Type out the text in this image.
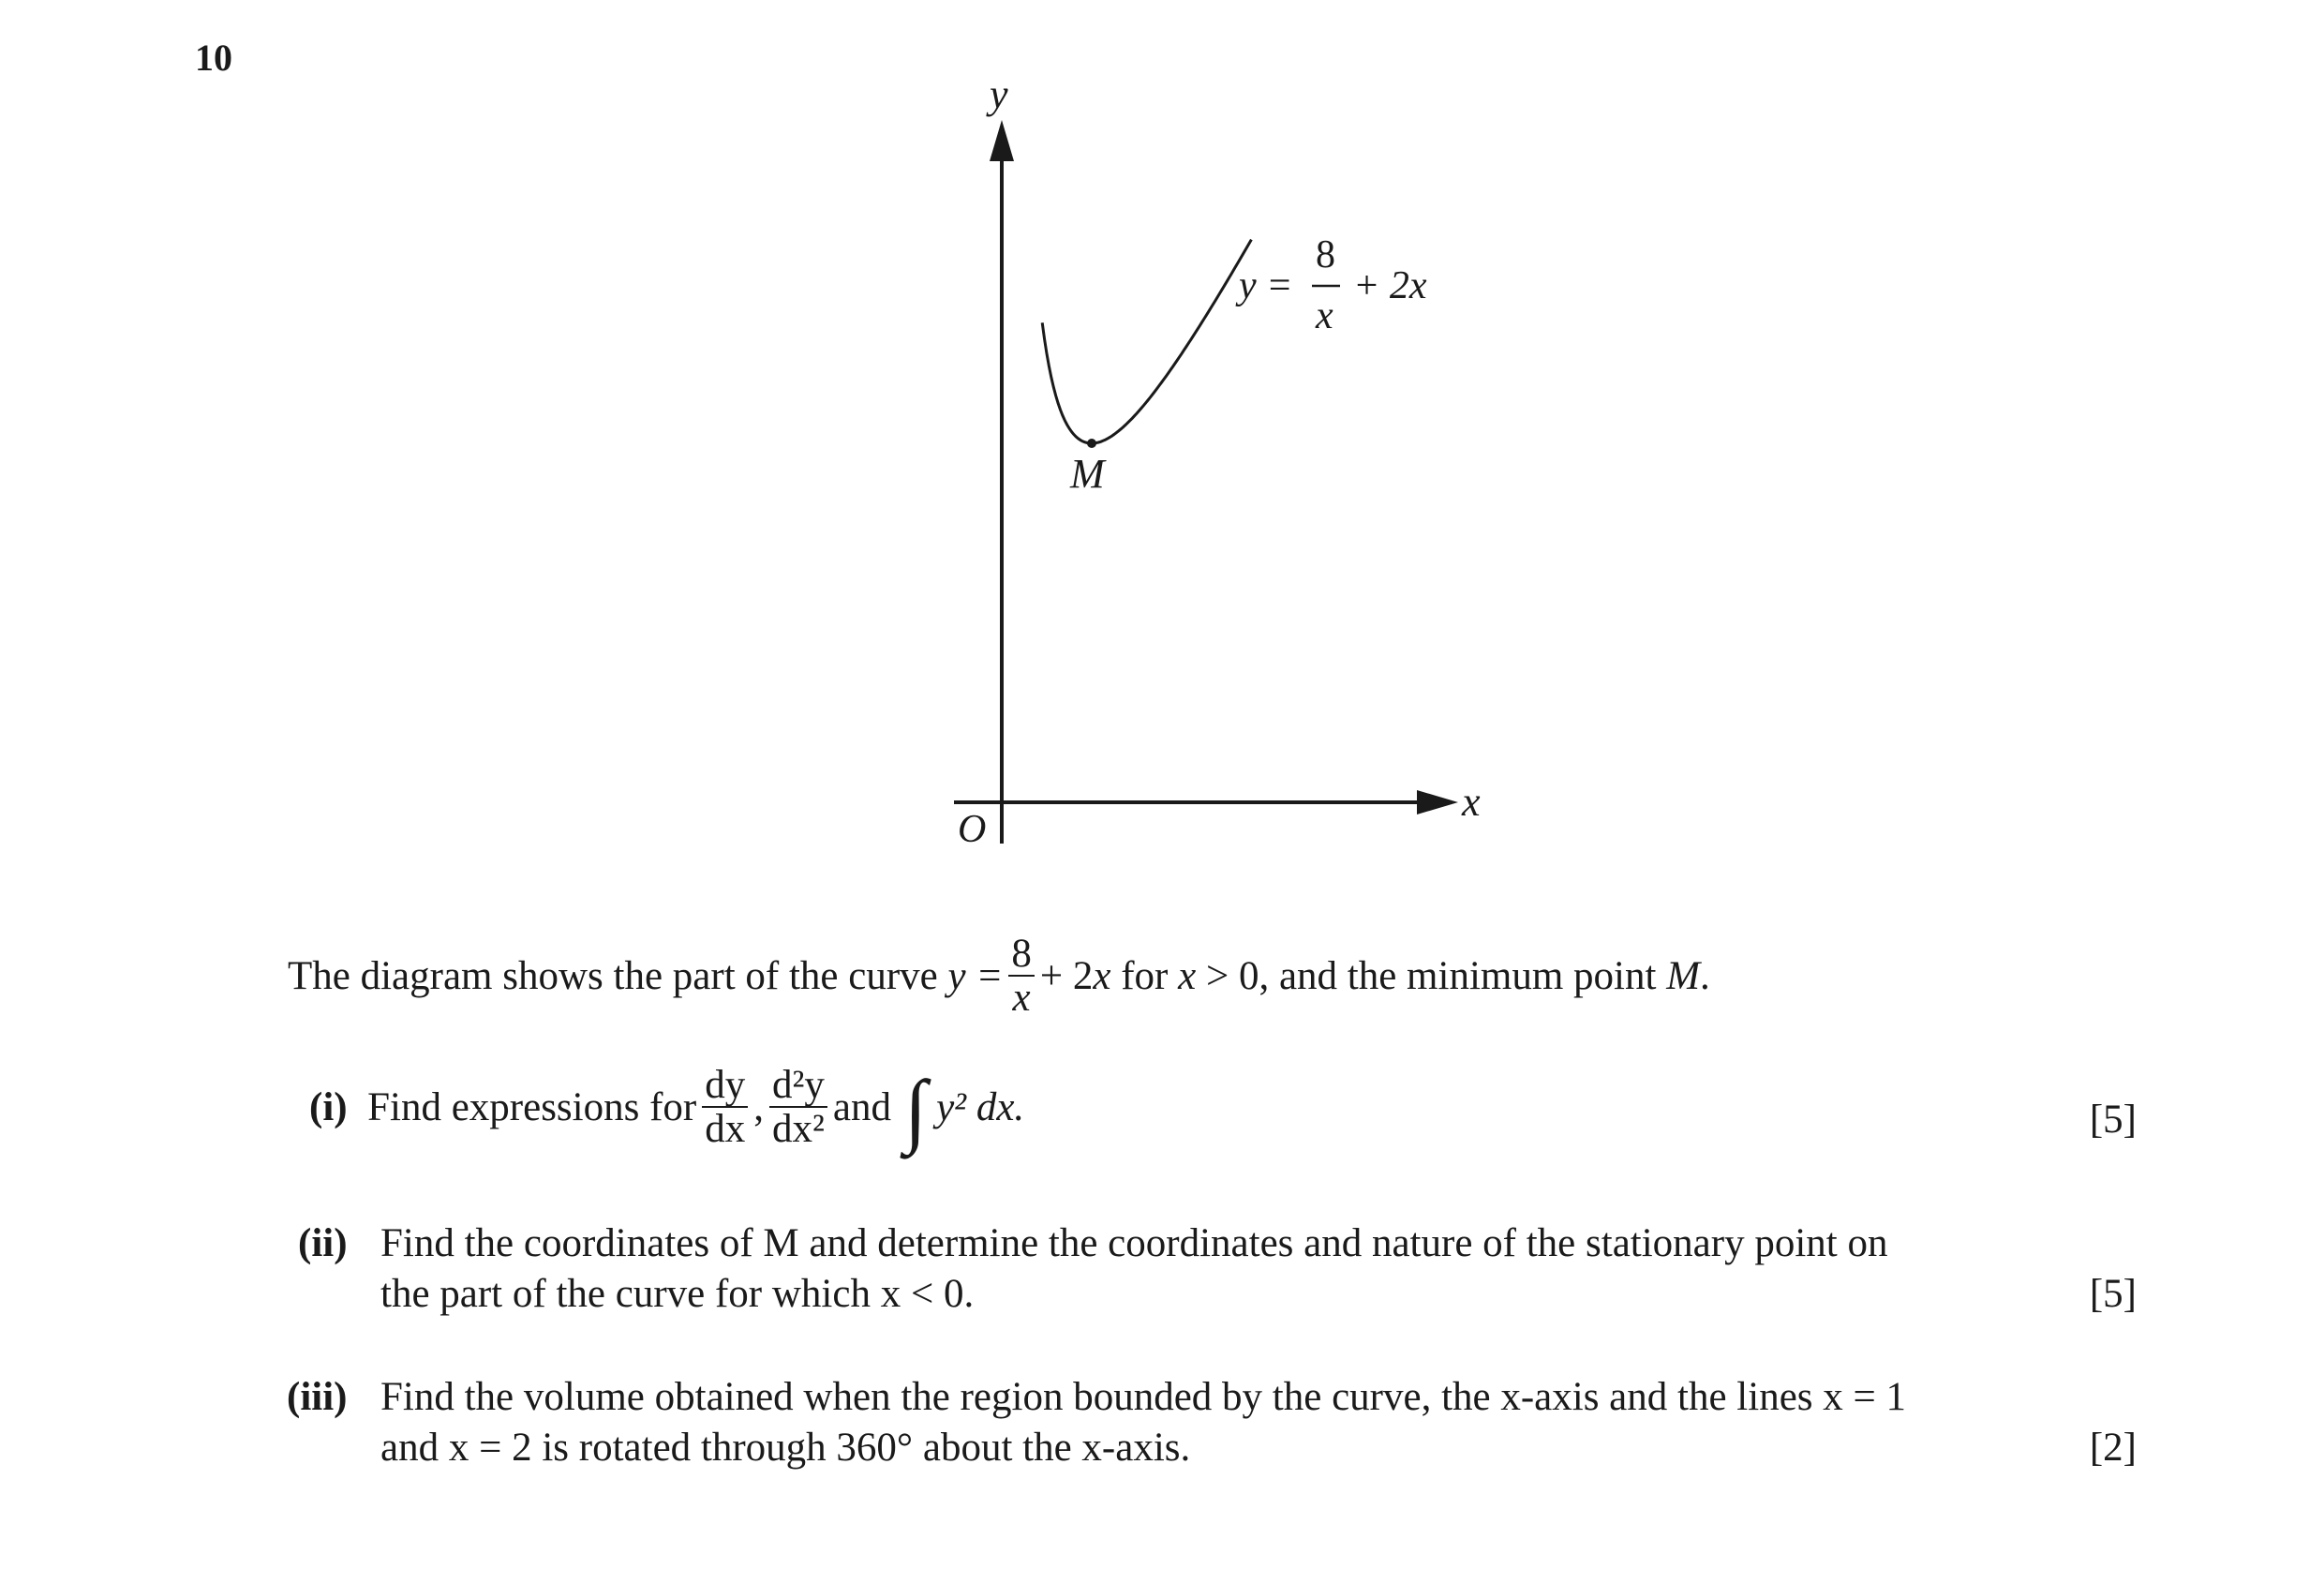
10
y
x
O
M
y =
8
x
+ 2x
The diagram shows the part of the curve
$y = \frac{8}{x} + 2$ x
for
x
> 0, and the minimum point
M .
(i)
Find expressions for $\frac{dy}{dx}$ , $\frac{\text{d²y}}{\text{dx²}}$ and ∫ y² dx.	[5]
(ii) Find the coordinates of M and determine the coordinates and nature of the stationary point on
the part of the curve for which x < 0.	[5]
(iii) Find the volume obtained when the region bounded by the curve, the x-axis and the lines x = 1
and x = 2 is rotated through 360° about the x-axis.	[2]
